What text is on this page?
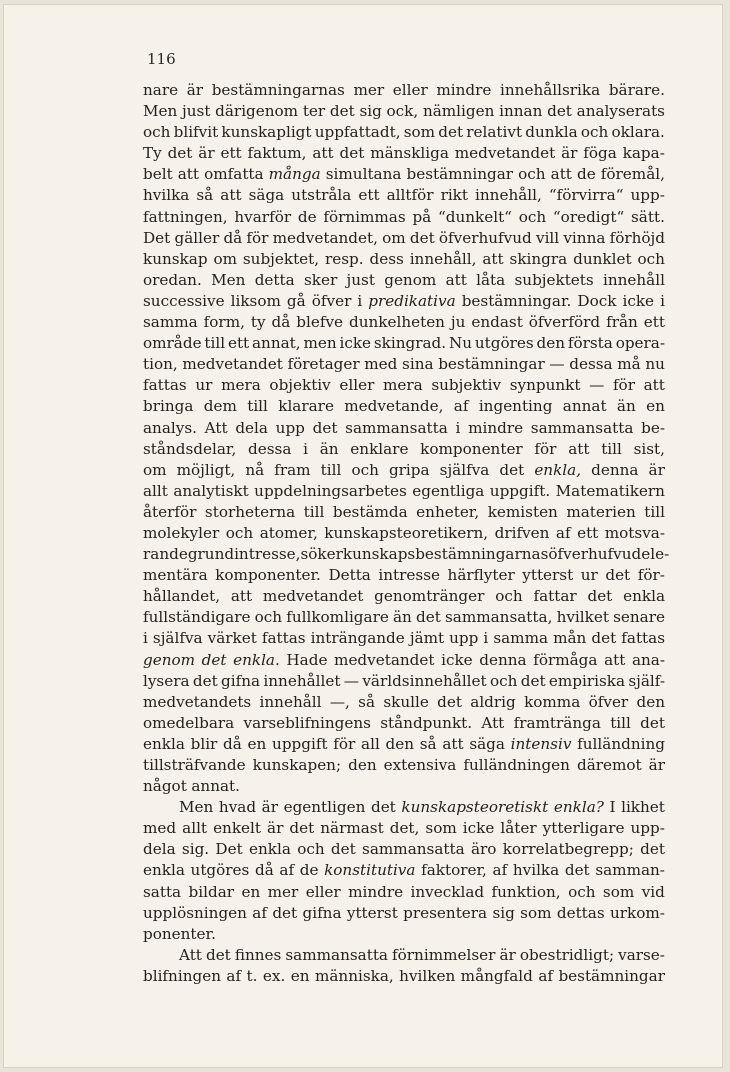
116

nare är bestämningarnas mer eller mindre innehållsrika bärare.
Men just därigenom ter det sig ock, nämligen innan det analyserats
och blifvit kunskapligt uppfattadt, som det relativt dunkla och oklara.
Ty det är ett faktum, att det mänskliga medvetandet är föga kapa-
belt att omfatta många simultana bestämningar och att de föremål,
hvilka så att säga utstråla ett alltför rikt innehåll, “förvirra“ upp-
fattningen, hvarför de förnimmas på “dunkelt“ och “oredigt“ sätt.
Det gäller då för medvetandet, om det öfverhufvud vill vinna förhöjd
kunskap om subjektet, resp. dess innehåll, att skingra dunklet och
oredan. Men detta sker just genom att låta subjektets innehåll
successive liksom gå öfver i predikativa bestämningar. Dock icke i
samma form, ty då blefve dunkelheten ju endast öfverförd från ett
område till ett annat, men icke skingrad. Nu utgöres den första opera-
tion, medvetandet företager med sina bestämningar — dessa må nu
fattas ur mera objektiv eller mera subjektiv synpunkt — för att
bringa dem till klarare medvetande, af ingenting annat än en
analys. Att dela upp det sammansatta i mindre sammansatta be-
ståndsdelar, dessa i än enklare komponenter för att till sist,
om möjligt, nå fram till och gripa själfva det enkla, denna är
allt analytiskt uppdelningsarbetes egentliga uppgift. Matematikern
återför storheterna till bestämda enheter, kemisten materien till
molekyler och atomer, kunskapsteoretikern, drifven af ett motsva-
rande grundintresse, söker kunskapsbestämningarnas öfverhufvud ele-
mentära komponenter. Detta intresse härflyter ytterst ur det för-
hållandet, att medvetandet genomtränger och fattar det enkla
fullständigare och fullkomligare än det sammansatta, hvilket senare
i själfva värket fattas inträngande jämt upp i samma mån det fattas
genom det enkla. Hade medvetandet icke denna förmåga att ana-
lysera det gifna innehållet — världsinnehållet och det empiriska själf-
medvetandets innehåll —, så skulle det aldrig komma öfver den
omedelbara varseblifningens ståndpunkt. Att framtränga till det
enkla blir då en uppgift för all den så att säga intensiv fulländning
tillsträfvande kunskapen; den extensiva fulländningen däremot är
något annat.
Men hvad är egentligen det kunskapsteoretiskt enkla? I likhet
med allt enkelt är det närmast det, som icke låter ytterligare upp-
dela sig. Det enkla och det sammansatta äro korrelatbegrepp; det
enkla utgöres då af de konstitutiva faktorer, af hvilka det samman-
satta bildar en mer eller mindre invecklad funktion, och som vid
upplösningen af det gifna ytterst presentera sig som dettas urkom-
ponenter.
Att det finnes sammansatta förnimmelser är obestridligt; varse-
blifningen af t. ex. en människa, hvilken mångfald af bestämningar
